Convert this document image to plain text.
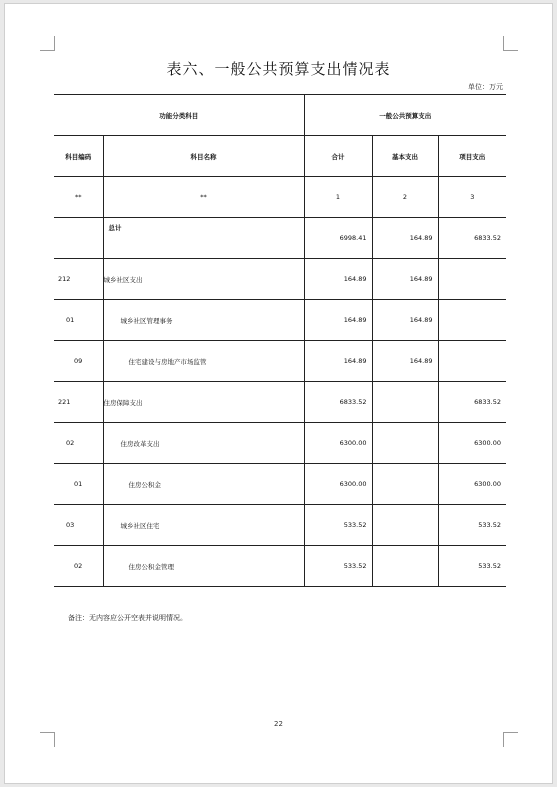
表六、一般公共预算支出情况表
单位：万元
功能分类科目		一般公共预算支出		
科目编码	科目名称	合计	基本支出	项目支出
**	**	1	2	3
	总计	6998.41	164.89	6833.52
212	城乡社区支出	164.89	164.89	
01	城乡社区管理事务	164.89	164.89	
09	住宅建设与房地产市场监管	164.89	164.89	
221	住房保障支出	6833.52		6833.52
02	住房改革支出	6300.00		6300.00
01	住房公积金	6300.00		6300.00
03	城乡社区住宅	533.52		533.52
02	住房公积金管理	533.52		533.52
备注：无内容应公开空表并说明情况。
22
